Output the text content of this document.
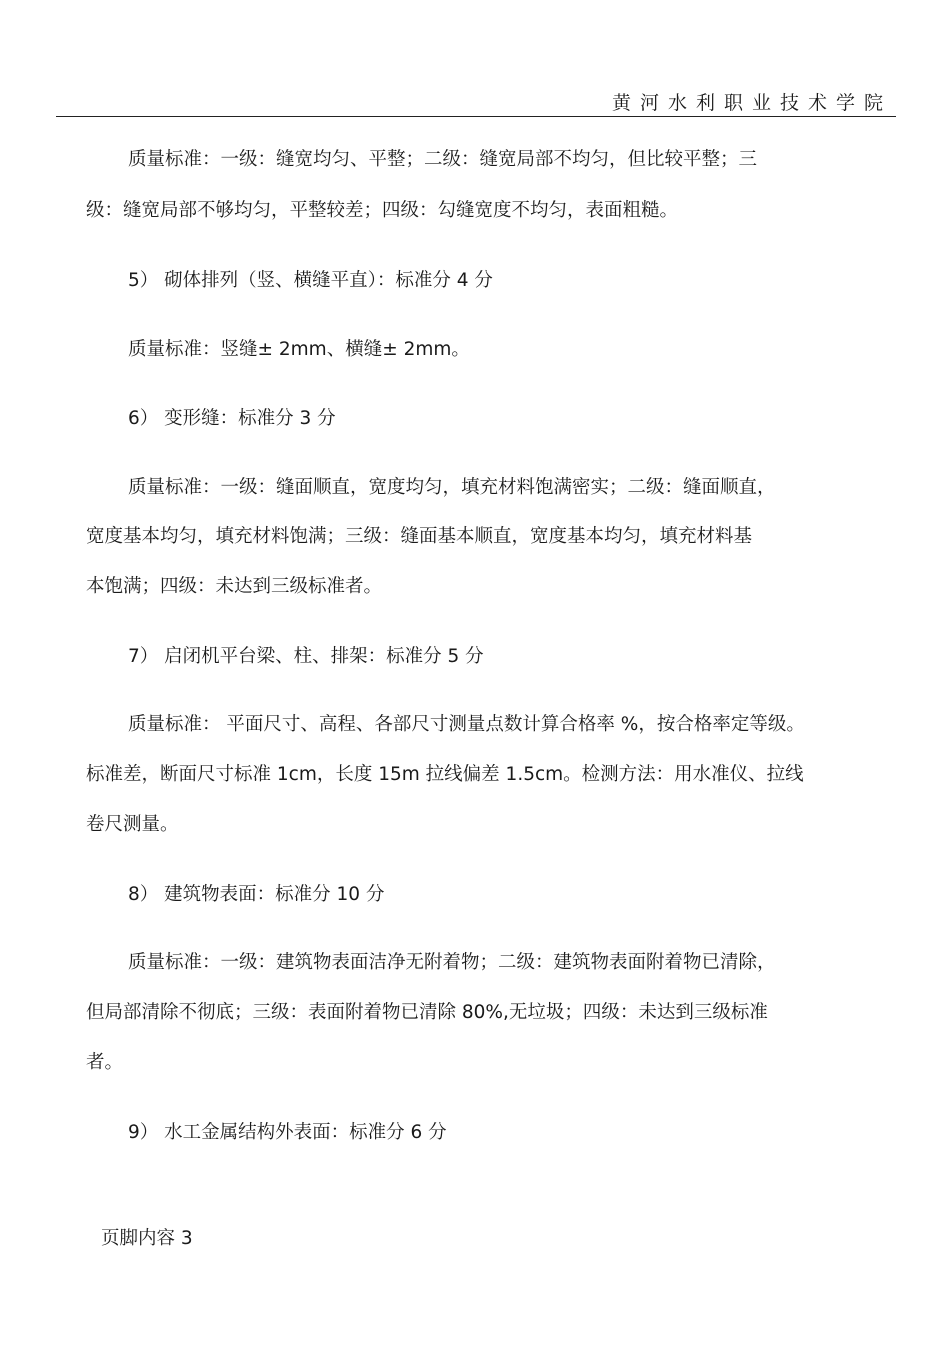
黄河水利职业技术学院
质量标准：一级：缝宽均匀、平整；二级：缝宽局部不均匀，但比较平整；三
级：缝宽局部不够均匀，平整较差；四级：勾缝宽度不均匀，表面粗糙。
5） 砌体排列（竖、横缝平直）：标准分 4 分
质量标准：竖缝± 2mm、横缝± 2mm。
6） 变形缝：标准分 3 分
质量标准：一级：缝面顺直，宽度均匀，填充材料饱满密实；二级：缝面顺直，
宽度基本均匀，填充材料饱满；三级：缝面基本顺直，宽度基本均匀，填充材料基
本饱满；四级：未达到三级标准者。
7） 启闭机平台梁、柱、排架：标准分 5 分
质量标准： 平面尺寸、高程、各部尺寸测量点数计算合格率 %，按合格率定等级。
标准差，断面尺寸标准 1cm，长度 15m 拉线偏差 1.5cm。检测方法：用水准仪、拉线
卷尺测量。
8） 建筑物表面：标准分 10 分
质量标准：一级：建筑物表面洁净无附着物；二级：建筑物表面附着物已清除，
但局部清除不彻底；三级：表面附着物已清除 80%,无垃圾；四级：未达到三级标准
者。
9） 水工金属结构外表面：标准分 6 分
页脚内容 3
